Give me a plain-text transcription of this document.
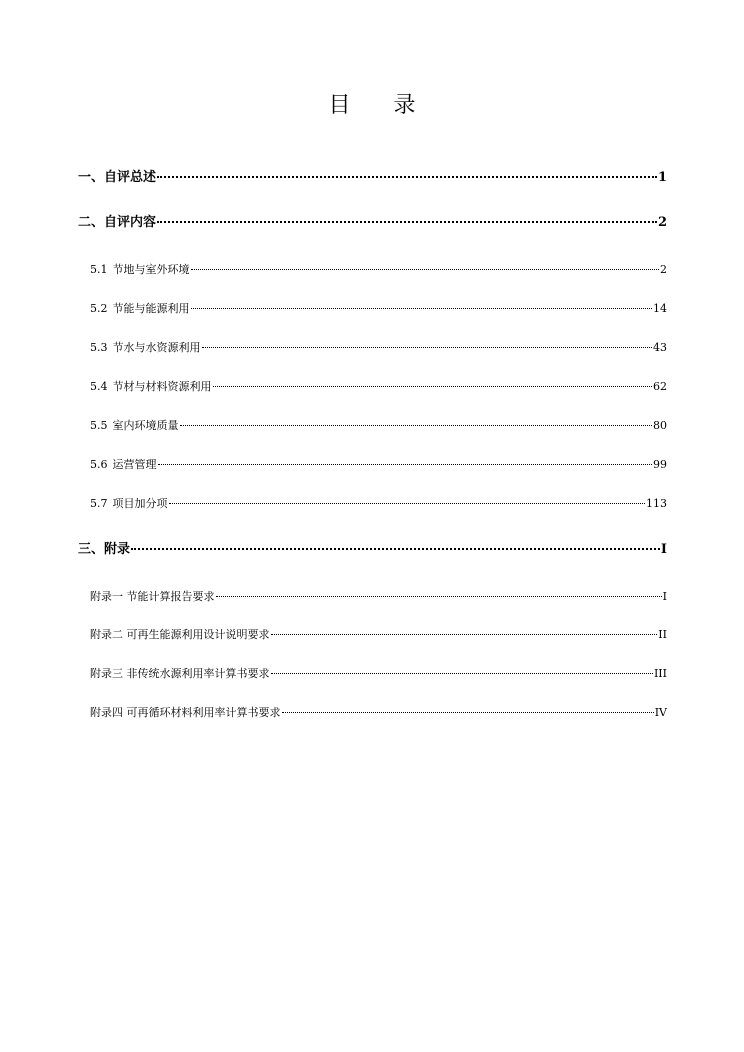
目 录
一、自评总述	1
二、自评内容	2
5.1 节地与室外环境	2
5.2 节能与能源利用	14
5.3 节水与水资源利用	43
5.4 节材与材料资源利用	62
5.5 室内环境质量	80
5.6 运营管理	99
5.7 项目加分项	113
三、附录	I
附录一 节能计算报告要求	I
附录二 可再生能源利用设计说明要求	II
附录三 非传统水源利用率计算书要求	III
附录四 可再循环材料利用率计算书要求	IV
